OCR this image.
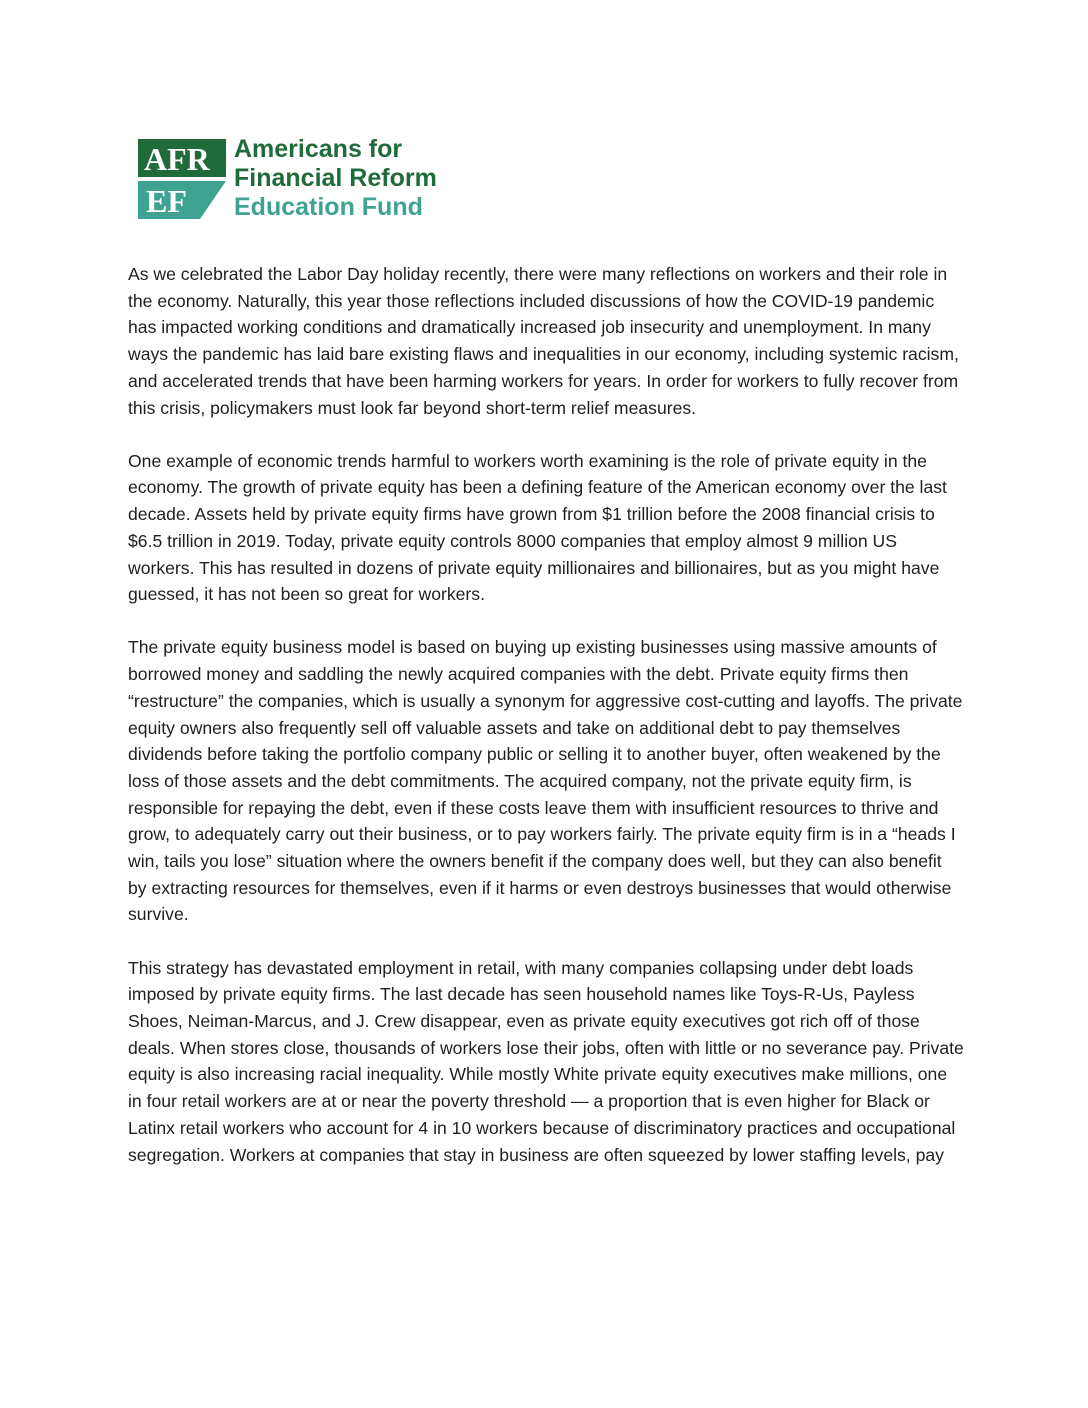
AFR
EF
Americans for
Financial Reform
Education Fund

As we celebrated the Labor Day holiday recently, there were many reflections on workers and their role in the economy. Naturally, this year those reflections included discussions of how the COVID-19 pandemic has impacted working conditions and dramatically increased job insecurity and unemployment. In many ways the pandemic has laid bare existing flaws and inequalities in our economy, including systemic racism, and accelerated trends that have been harming workers for years. In order for workers to fully recover from this crisis, policymakers must look far beyond short-term relief measures.

One example of economic trends harmful to workers worth examining is the role of private equity in the economy. The growth of private equity has been a defining feature of the American economy over the last decade. Assets held by private equity firms have grown from $1 trillion before the 2008 financial crisis to $6.5 trillion in 2019. Today, private equity controls 8000 companies that employ almost 9 million US workers. This has resulted in dozens of private equity millionaires and billionaires, but as you might have guessed, it has not been so great for workers.

The private equity business model is based on buying up existing businesses using massive amounts of borrowed money and saddling the newly acquired companies with the debt. Private equity firms then “restructure” the companies, which is usually a synonym for aggressive cost-cutting and layoffs. The private equity owners also frequently sell off valuable assets and take on additional debt to pay themselves dividends before taking the portfolio company public or selling it to another buyer, often weakened by the loss of those assets and the debt commitments. The acquired company, not the private equity firm, is responsible for repaying the debt, even if these costs leave them with insufficient resources to thrive and grow, to adequately carry out their business, or to pay workers fairly. The private equity firm is in a “heads I win, tails you lose” situation where the owners benefit if the company does well, but they can also benefit by extracting resources for themselves, even if it harms or even destroys businesses that would otherwise survive.

This strategy has devastated employment in retail, with many companies collapsing under debt loads imposed by private equity firms. The last decade has seen household names like Toys-R-Us, Payless Shoes, Neiman-Marcus, and J. Crew disappear, even as private equity executives got rich off of those deals. When stores close, thousands of workers lose their jobs, often with little or no severance pay. Private equity is also increasing racial inequality. While mostly White private equity executives make millions, one in four retail workers are at or near the poverty threshold — a proportion that is even higher for Black or Latinx retail workers who account for 4 in 10 workers because of discriminatory practices and occupational segregation. Workers at companies that stay in business are often squeezed by lower staffing levels, pay
